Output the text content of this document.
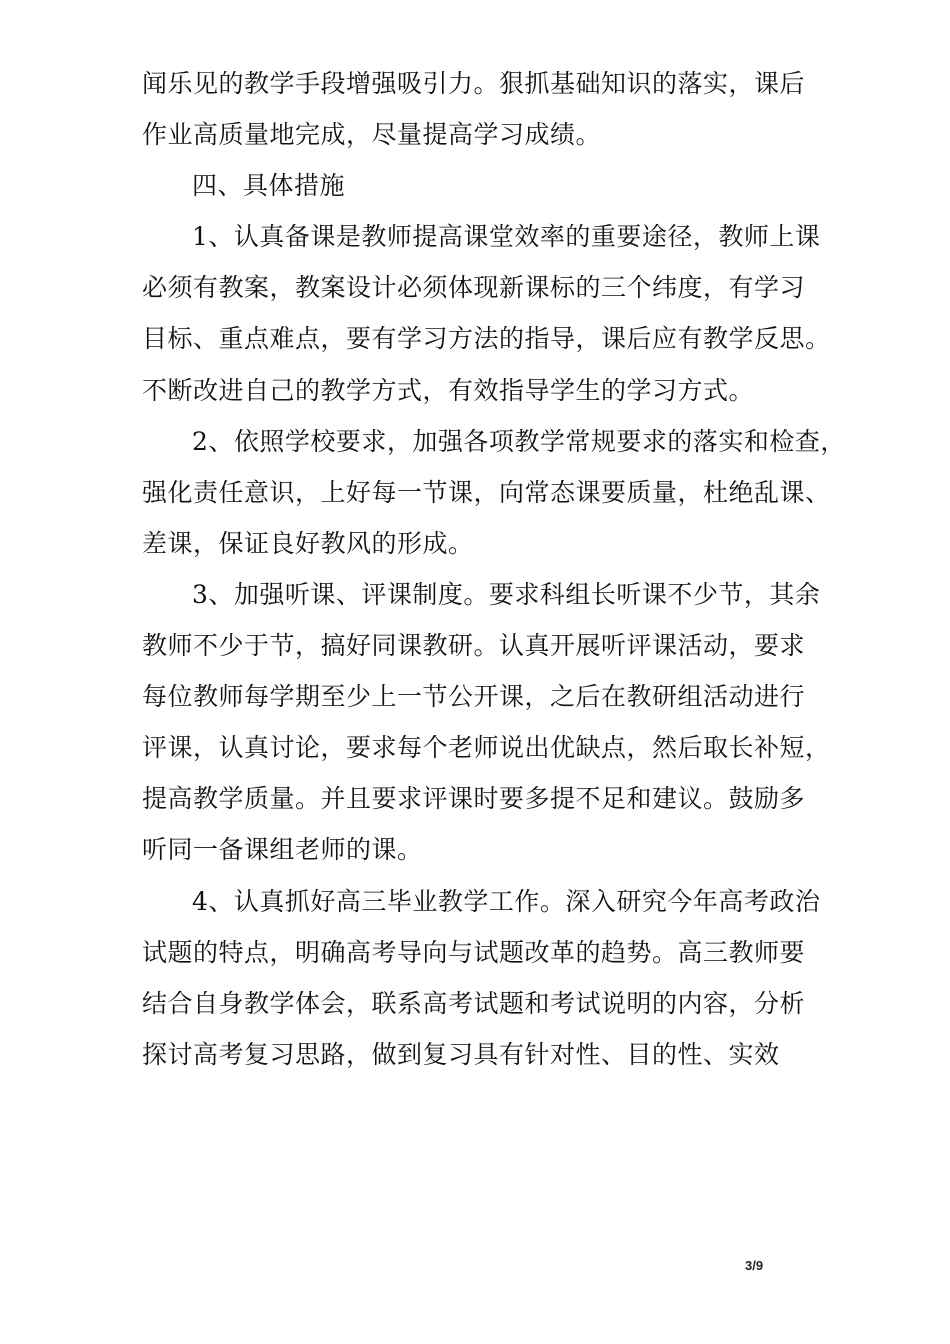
闻乐见的教学手段增强吸引力。狠抓基础知识的落实，课后
作业高质量地完成，尽量提高学习成绩。
四、具体措施
1、认真备课是教师提高课堂效率的重要途径，教师上课
必须有教案，教案设计必须体现新课标的三个纬度，有学习
目标、重点难点，要有学习方法的指导，课后应有教学反思。
不断改进自己的教学方式，有效指导学生的学习方式。
2、依照学校要求，加强各项教学常规要求的落实和检查，
强化责任意识，上好每一节课，向常态课要质量，杜绝乱课、
差课，保证良好教风的形成。
3、加强听课、评课制度。要求科组长听课不少节，其余
教师不少于节，搞好同课教研。认真开展听评课活动，要求
每位教师每学期至少上一节公开课，之后在教研组活动进行
评课，认真讨论，要求每个老师说出优缺点，然后取长补短，
提高教学质量。并且要求评课时要多提不足和建议。鼓励多
听同一备课组老师的课。
4、认真抓好高三毕业教学工作。深入研究今年高考政治
试题的特点，明确高考导向与试题改革的趋势。高三教师要
结合自身教学体会，联系高考试题和考试说明的内容，分析
探讨高考复习思路，做到复习具有针对性、目的性、实效
3/9
